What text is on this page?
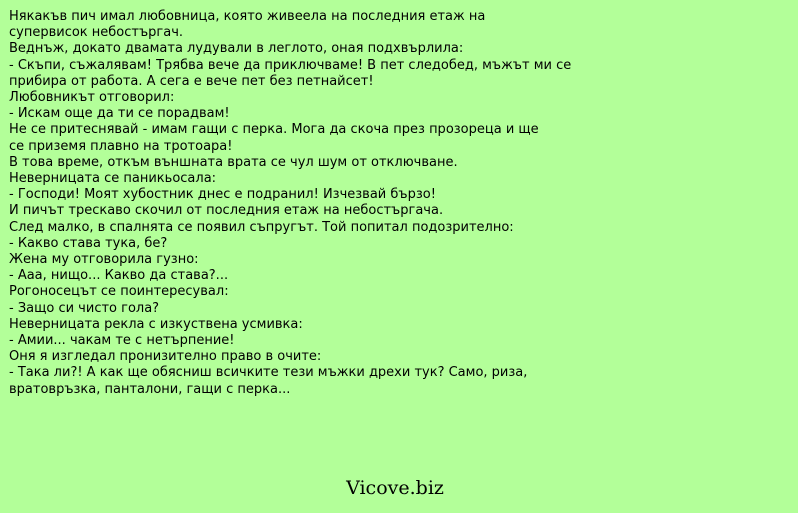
Някакъв пич имал любовница, която живеела на последния етаж на
супервисок небостъргач.
Веднъж, докато двамата лудували в леглото, оная подхвърлила:
- Скъпи, съжалявам! Трябва вече да приключваме! В пет следобед, мъжът ми се
прибира от работа. А сега е вече пет без петнайсет!
Любовникът отговорил:
- Искам още да ти се порадвам!
Не се притеснявай - имам гащи с перка. Мога да скоча през прозореца и ще
се приземя плавно на тротоара!
В това време, откъм външната врата се чул шум от отключване.
Невeрницата се паникьосала:
- Господи! Моят хубостник днес е подранил! Изчезвай бързо!
И пичът трескаво скочил от последния етаж на небостъргача.
След малко, в спалнята се появил съпругът. Той попитал подозрително:
- Какво става тука, бе?
Жена му отговорила гузно:
- Ааа, нищо... Какво да става?...
Рогоносецът се поинтересувал:
- Защо си чисто гола?
Невeрницата рекла с изкуствена усмивка:
- Амии... чакам те с нетърпение!
Оня я изгледал пронизително право в очите:
- Така ли?! А как ще обясниш всичките тези мъжки дрехи тук? Само, риза,
вратовръзка, панталони, гащи с перка...
Vicove.biz
